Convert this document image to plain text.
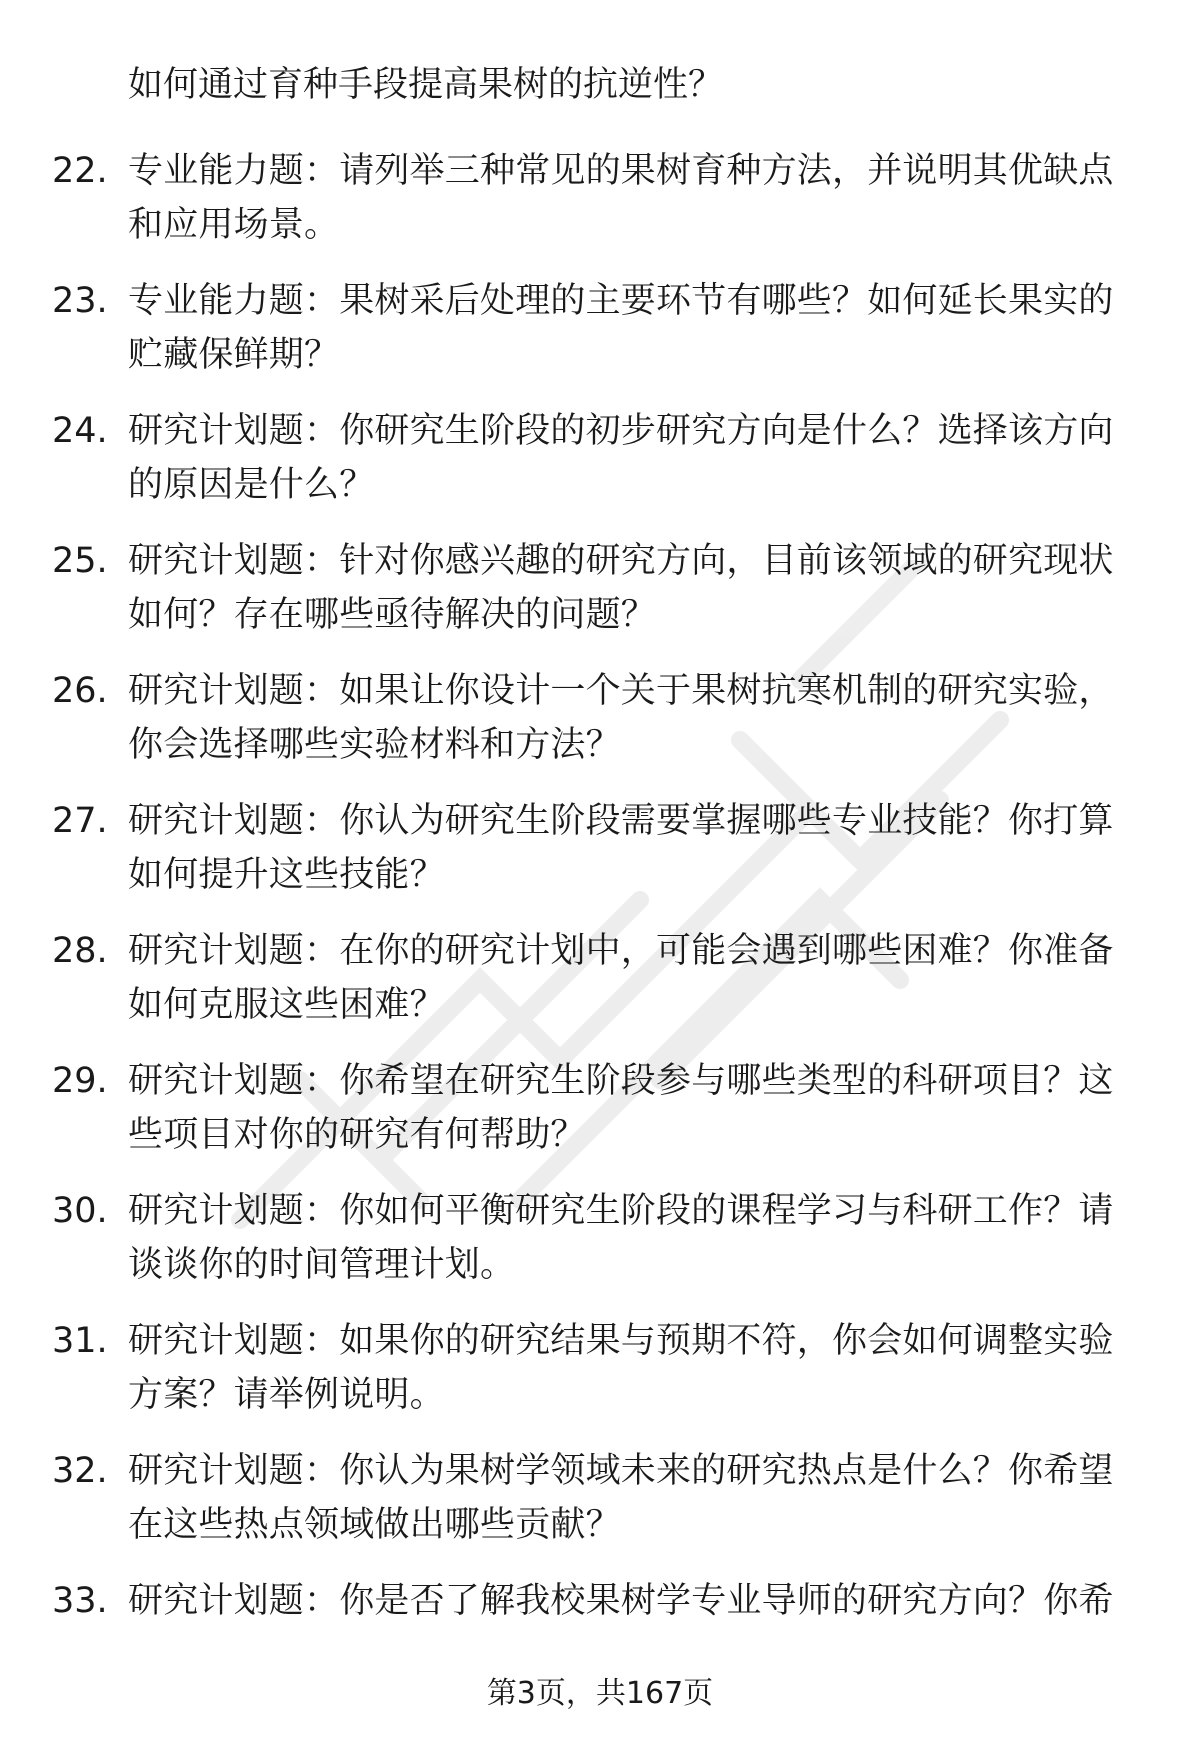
如何通过育种手段提高果树的抗逆性？
22. 专业能力题：请列举三种常见的果树育种方法，并说明其优缺点
和应用场景。
23. 专业能力题：果树采后处理的主要环节有哪些？如何延长果实的
贮藏保鲜期？
24. 研究计划题：你研究生阶段的初步研究方向是什么？选择该方向
的原因是什么？
25. 研究计划题：针对你感兴趣的研究方向，目前该领域的研究现状
如何？存在哪些亟待解决的问题？
26. 研究计划题：如果让你设计一个关于果树抗寒机制的研究实验，
你会选择哪些实验材料和方法？
27. 研究计划题：你认为研究生阶段需要掌握哪些专业技能？你打算
如何提升这些技能？
28. 研究计划题：在你的研究计划中，可能会遇到哪些困难？你准备
如何克服这些困难？
29. 研究计划题：你希望在研究生阶段参与哪些类型的科研项目？这
些项目对你的研究有何帮助？
30. 研究计划题：你如何平衡研究生阶段的课程学习与科研工作？请
谈谈你的时间管理计划。
31. 研究计划题：如果你的研究结果与预期不符，你会如何调整实验
方案？请举例说明。
32. 研究计划题：你认为果树学领域未来的研究热点是什么？你希望
在这些热点领域做出哪些贡献？
33. 研究计划题：你是否了解我校果树学专业导师的研究方向？你希
第3页，共167页
